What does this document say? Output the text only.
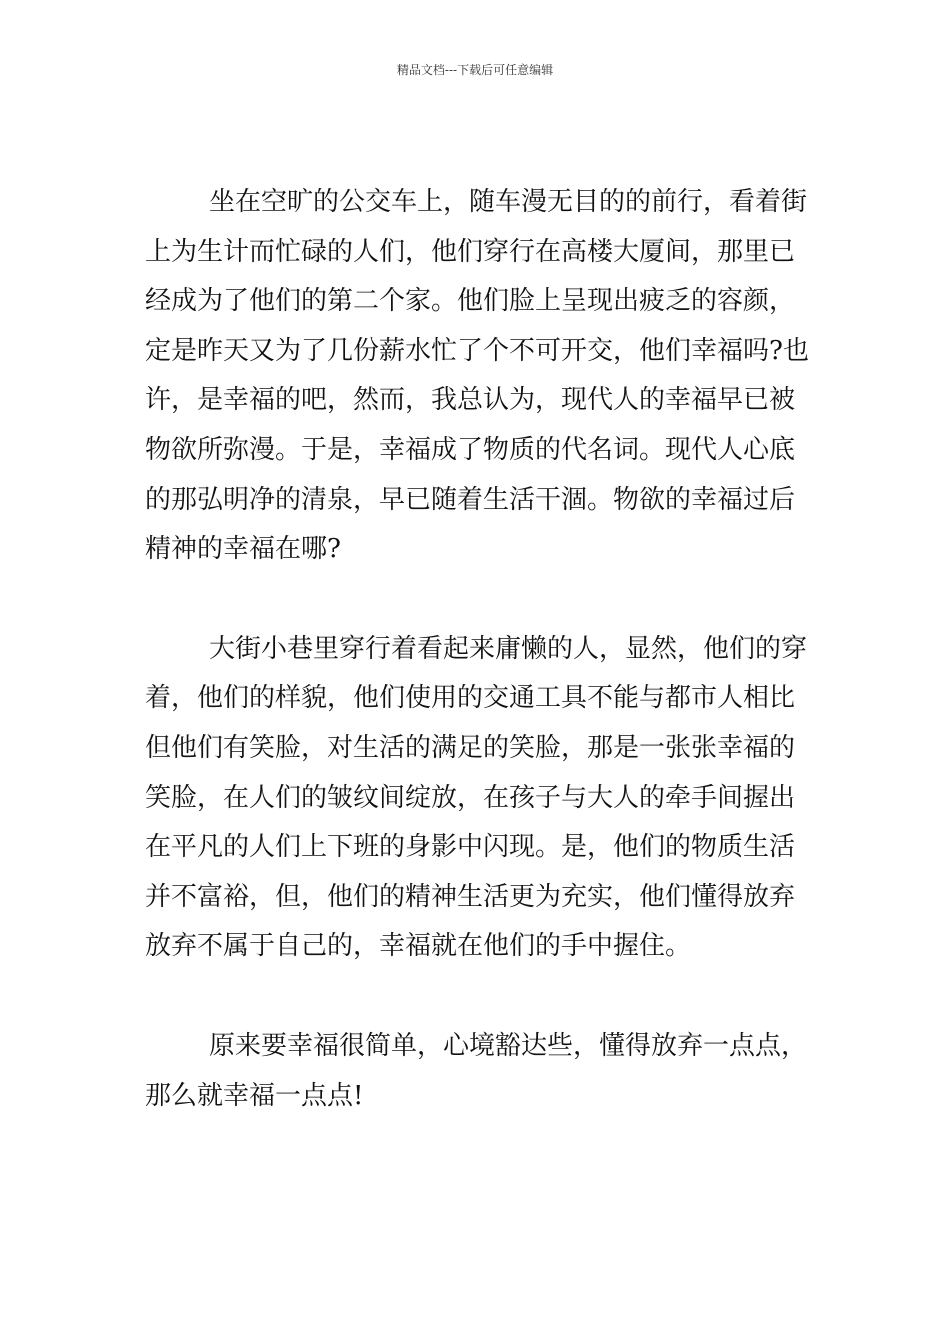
精品文档---下载后可任意编辑
坐在空旷的公交车上，随车漫无目的的前行，看着街
上为生计而忙碌的人们，他们穿行在高楼大厦间，那里已
经成为了他们的第二个家。他们脸上呈现出疲乏的容颜，
定是昨天又为了几份薪水忙了个不可开交，他们幸福吗?也
许，是幸福的吧，然而，我总认为，现代人的幸福早已被
物欲所弥漫。于是，幸福成了物质的代名词。现代人心底
的那弘明净的清泉，早已随着生活干涸。物欲的幸福过后
精神的幸福在哪?
大街小巷里穿行着看起来庸懒的人，显然，他们的穿
着，他们的样貌，他们使用的交通工具不能与都市人相比
但他们有笑脸，对生活的满足的笑脸，那是一张张幸福的
笑脸，在人们的皱纹间绽放，在孩子与大人的牵手间握出
在平凡的人们上下班的身影中闪现。是，他们的物质生活
并不富裕，但，他们的精神生活更为充实，他们懂得放弃
放弃不属于自己的，幸福就在他们的手中握住。
原来要幸福很简单，心境豁达些，懂得放弃一点点，
那么就幸福一点点!
